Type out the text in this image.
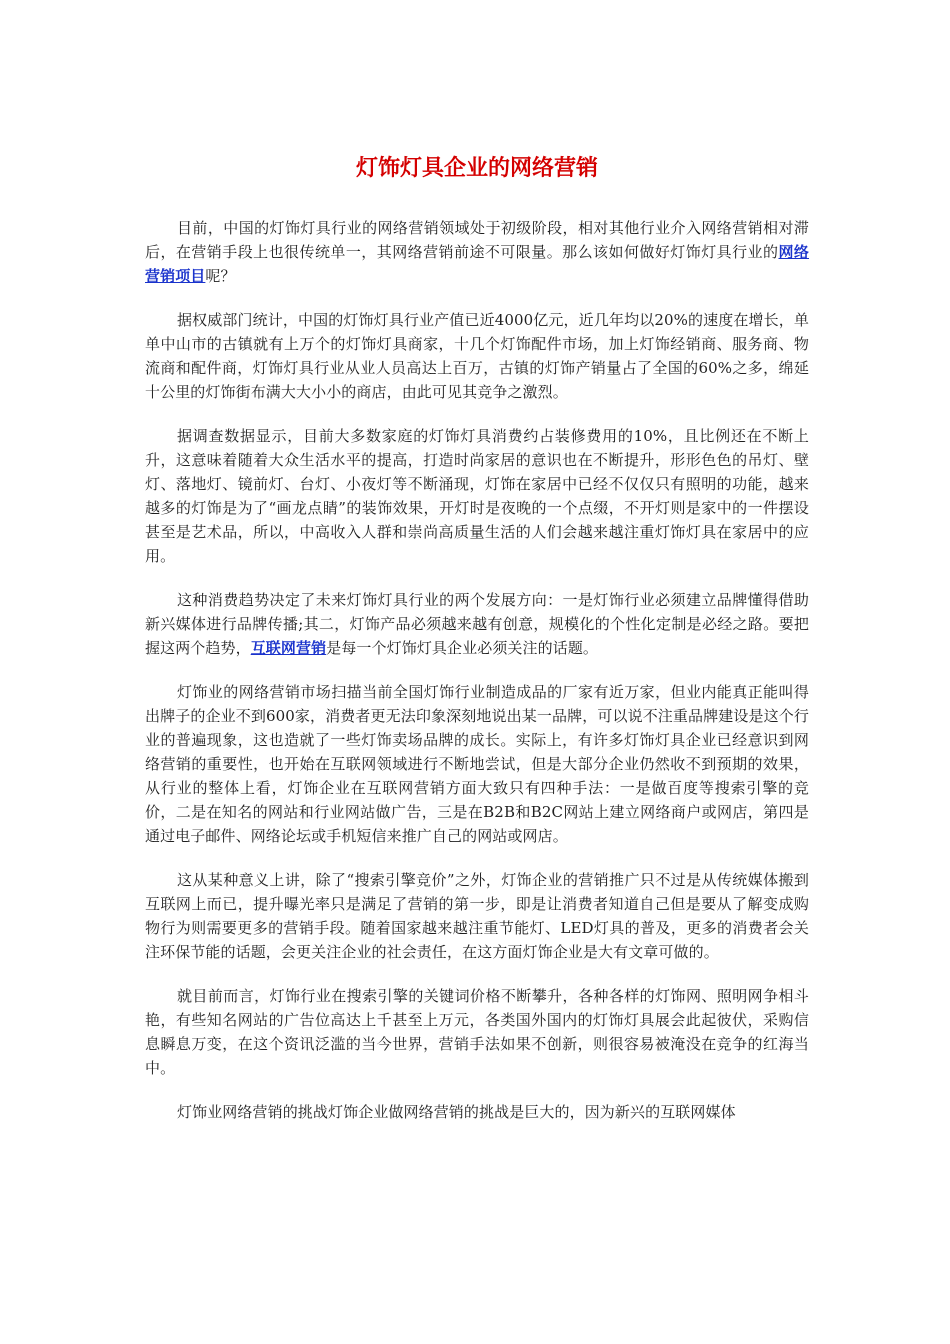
灯饰灯具企业的网络营销

目前，中国的灯饰灯具行业的网络营销领域处于初级阶段，相对其他行业介入网络营销相对滞后，在营销手段上也很传统单一，其网络营销前途不可限量。那么该如何做好灯饰灯具行业的网络营销项目呢？

据权威部门统计，中国的灯饰灯具行业产值已近4000亿元，近几年均以20%的速度在增长，单单中山市的古镇就有上万个的灯饰灯具商家，十几个灯饰配件市场，加上灯饰经销商、服务商、物流商和配件商，灯饰灯具行业从业人员高达上百万，古镇的灯饰产销量占了全国的60%之多，绵延十公里的灯饰街布满大大小小的商店，由此可见其竞争之激烈。

据调查数据显示，目前大多数家庭的灯饰灯具消费约占装修费用的10%，且比例还在不断上升，这意味着随着大众生活水平的提高，打造时尚家居的意识也在不断提升，形形色色的吊灯、壁灯、落地灯、镜前灯、台灯、小夜灯等不断涌现，灯饰在家居中已经不仅仅只有照明的功能，越来越多的灯饰是为了“画龙点睛”的装饰效果，开灯时是夜晚的一个点缀，不开灯则是家中的一件摆设甚至是艺术品，所以，中高收入人群和崇尚高质量生活的人们会越来越注重灯饰灯具在家居中的应用。

这种消费趋势决定了未来灯饰灯具行业的两个发展方向：一是灯饰行业必须建立品牌懂得借助新兴媒体进行品牌传播;其二，灯饰产品必须越来越有创意，规模化的个性化定制是必经之路。要把握这两个趋势，互联网营销是每一个灯饰灯具企业必须关注的话题。

灯饰业的网络营销市场扫描当前全国灯饰行业制造成品的厂家有近万家，但业内能真正能叫得出牌子的企业不到600家，消费者更无法印象深刻地说出某一品牌，可以说不注重品牌建设是这个行业的普遍现象，这也造就了一些灯饰卖场品牌的成长。实际上，有许多灯饰灯具企业已经意识到网络营销的重要性，也开始在互联网领域进行不断地尝试，但是大部分企业仍然收不到预期的效果，从行业的整体上看，灯饰企业在互联网营销方面大致只有四种手法：一是做百度等搜索引擎的竞价，二是在知名的网站和行业网站做广告，三是在B2B和B2C网站上建立网络商户或网店，第四是通过电子邮件、网络论坛或手机短信来推广自己的网站或网店。

这从某种意义上讲，除了“搜索引擎竞价”之外，灯饰企业的营销推广只不过是从传统媒体搬到互联网上而已，提升曝光率只是满足了营销的第一步，即是让消费者知道自己但是要从了解变成购物行为则需要更多的营销手段。随着国家越来越注重节能灯、LED灯具的普及，更多的消费者会关注环保节能的话题，会更关注企业的社会责任，在这方面灯饰企业是大有文章可做的。

就目前而言，灯饰行业在搜索引擎的关键词价格不断攀升，各种各样的灯饰网、照明网争相斗艳，有些知名网站的广告位高达上千甚至上万元，各类国外国内的灯饰灯具展会此起彼伏，采购信息瞬息万变，在这个资讯泛滥的当今世界，营销手法如果不创新，则很容易被淹没在竞争的红海当中。

灯饰业网络营销的挑战灯饰企业做网络营销的挑战是巨大的，因为新兴的互联网媒体
